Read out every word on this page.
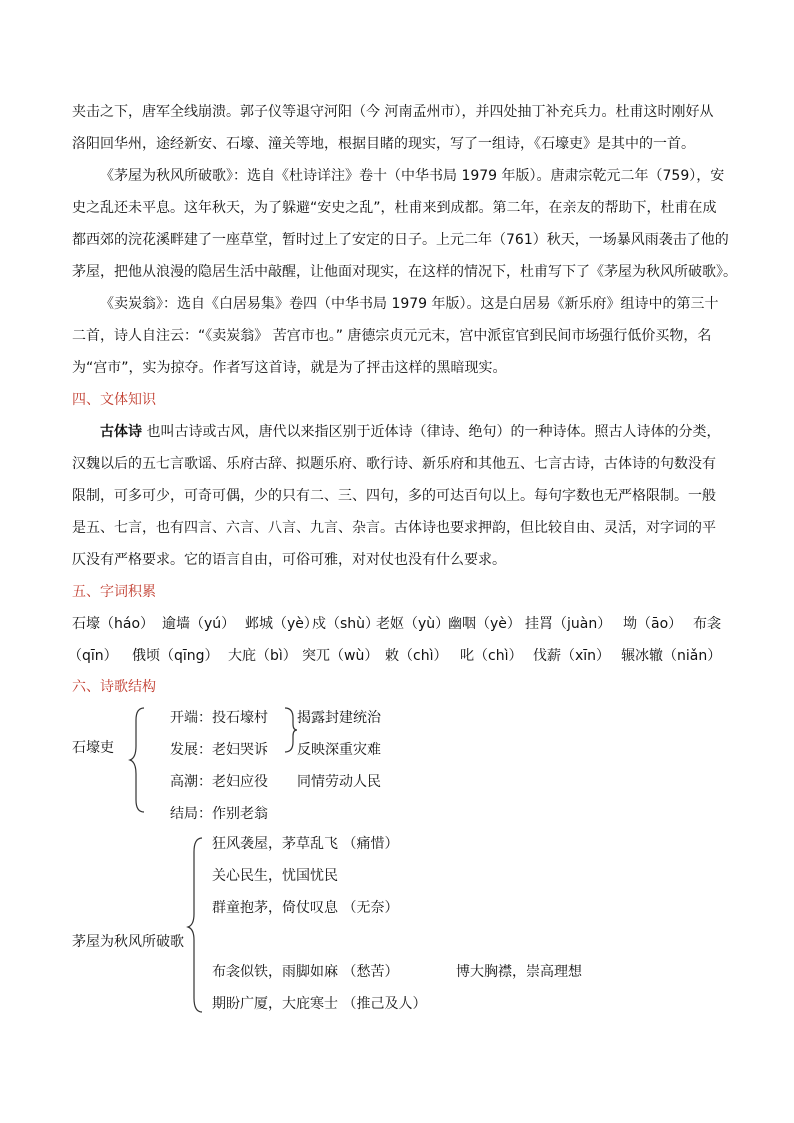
夹击之下，唐军全线崩溃。郭子仪等退守河阳（今 河南孟州市），并四处抽丁补充兵力。杜甫这时刚好从
洛阳回华州，途经新安、石壕、潼关等地，根据目睹的现实，写了一组诗，《石壕吏》是其中的一首。
《茅屋为秋风所破歌》：选自《杜诗详注》卷十（中华书局 1979 年版）。唐肃宗乾元二年（759），安
史之乱还未平息。这年秋天，为了躲避“安史之乱”，杜甫来到成都。第二年，在亲友的帮助下，杜甫在成
都西郊的浣花溪畔建了一座草堂，暂时过上了安定的日子。上元二年（761）秋天，一场暴风雨袭击了他的
茅屋，把他从浪漫的隐居生活中敲醒，让他面对现实，在这样的情况下，杜甫写下了《茅屋为秋风所破歌》。
《卖炭翁》：选自《白居易集》卷四（中华书局 1979 年版）。这是白居易《新乐府》组诗中的第三十
二首，诗人自注云：“《卖炭翁》 苦宫市也。” 唐德宗贞元元末，宫中派宦官到民间市场强行低价买物，名
为“宫市”，实为掠夺。作者写这首诗，就是为了抨击这样的黑暗现实。
四、文体知识
古体诗 也叫古诗或古风，唐代以来指区别于近体诗（律诗、绝句）的一种诗体。照古人诗体的分类，
汉魏以后的五七言歌谣、乐府古辞、拟题乐府、歌行诗、新乐府和其他五、七言古诗，古体诗的句数没有
限制，可多可少，可奇可偶，少的只有二、三、四句，多的可达百句以上。每句字数也无严格限制。一般
是五、七言，也有四言、六言、八言、九言、杂言。古体诗也要求押韵，但比较自由、灵活，对字词的平
仄没有严格要求。它的语言自由，可俗可雅，对对仗也没有什么要求。
五、字词积累
石壕（háo） 逾墙（yú） 邺城（yè）
戍（shù）
老妪（yù）
幽咽（yè） 挂罥（juàn） 坳（āo） 布衾
（qīn） 俄顷（qīng） 大庇（bì） 突兀（wù） 敕（chì） 叱（chì） 伐薪（xīn） 辗冰辙（niǎn）
六、诗歌结构
石壕吏
开端：投石壕村
发展：老妇哭诉
高潮：老妇应役
结局：作别老翁
揭露封建统治
反映深重灾难
同情劳动人民
茅屋为秋风所破歌
狂风袭屋，茅草乱飞 （痛惜）
关心民生，忧国忧民
群童抱茅，倚仗叹息 （无奈）
布衾似铁，雨脚如麻 （愁苦）
期盼广厦，大庇寒士 （推己及人）
博大胸襟，崇高理想
